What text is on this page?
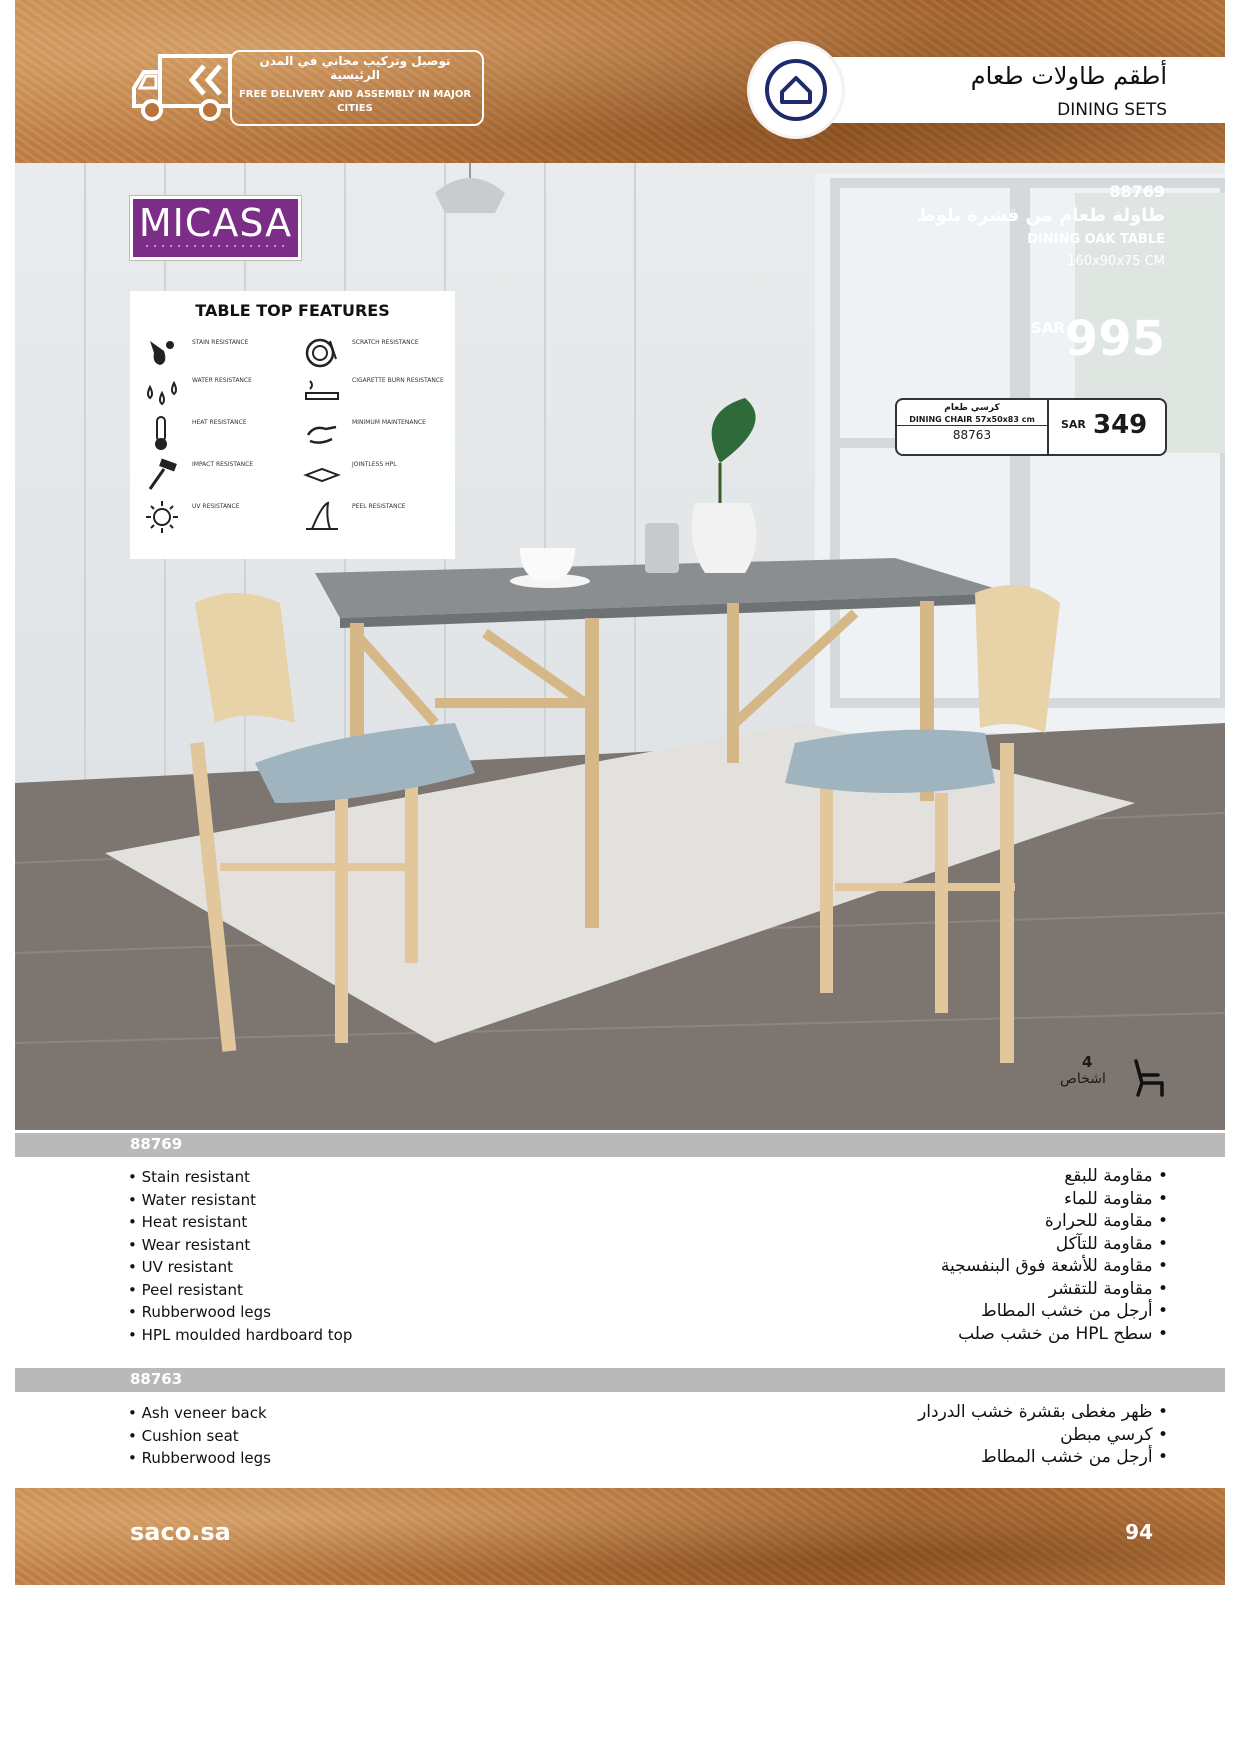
توصيل وتركيب مجاني في المدن الرئيسية
FREE DELIVERY AND ASSEMBLY IN MAJOR CITIES
أطقم طاولات طعام
DINING SETS
MICASA
TABLE TOP FEATURES
STAIN RESISTANCE	SCRATCH RESISTANCE
WATER RESISTANCE	CIGARETTE BURN RESISTANCE
HEAT RESISTANCE	MINIMUM MAINTENANCE
IMPACT RESISTANCE	JOINTLESS HPL
UV RESISTANCE	PEEL RESISTANCE
88769
طاولة طعام من قشرة بلوط
DINING OAK TABLE
160x90x75 CM
SAR 995
كرسي طعام
DINING CHAIR 57x50x83 cm
88763
SAR 349
4
اشخاص
88769
• Stain resistant
• Water resistant
• Heat resistant
• Wear resistant
• UV resistant
• Peel resistant
• Rubberwood legs
• HPL moulded hardboard top
• مقاومة للبقع
• مقاومة للماء
• مقاومة للحرارة
• مقاومة للتآكل
• مقاومة للأشعة فوق البنفسجية
• مقاومة للتقشر
• أرجل من خشب المطاط
• سطح HPL من خشب صلب
88763
• Ash veneer back
• Cushion seat
• Rubberwood legs
• ظهر مغطى بقشرة خشب الدردار
• كرسي مبطن
• أرجل من خشب المطاط
saco.sa	94
